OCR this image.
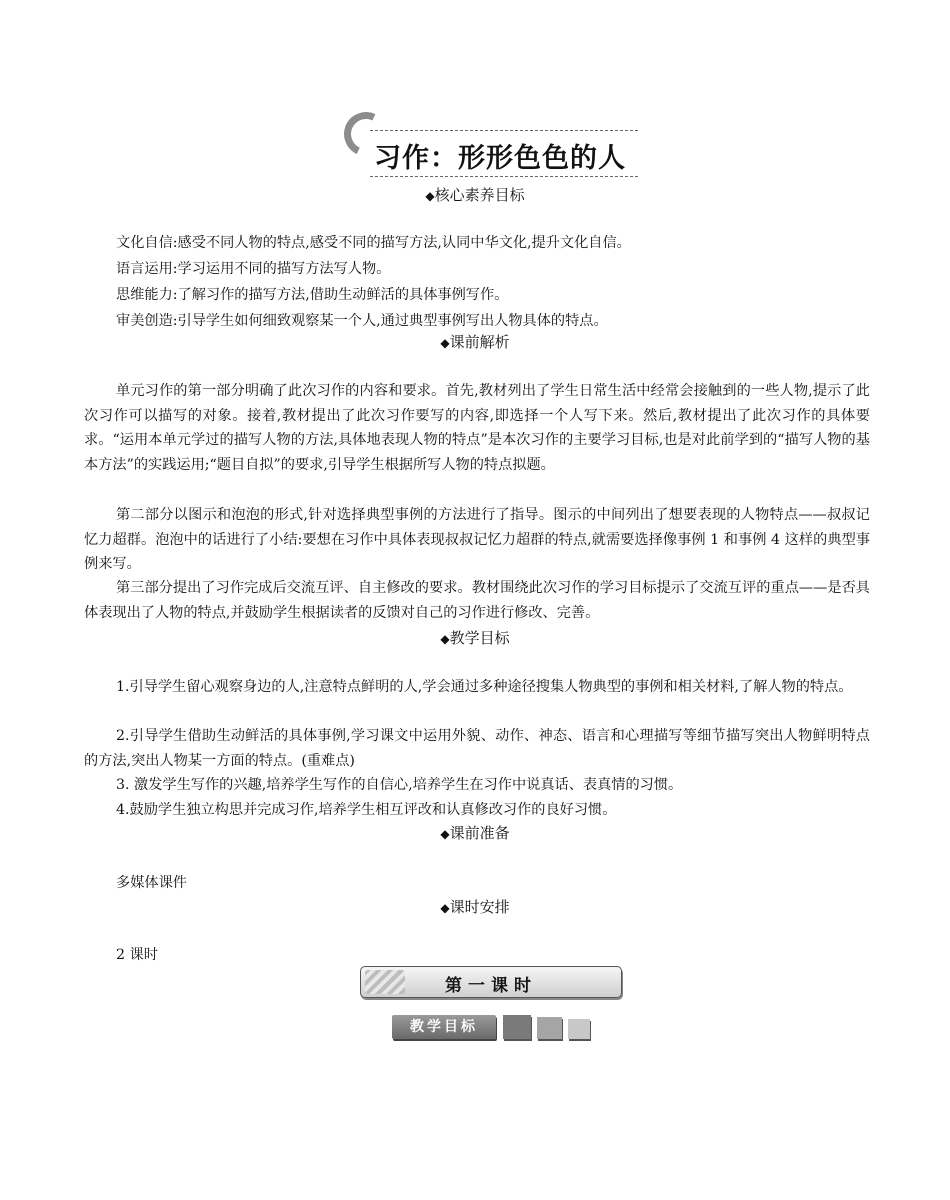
习作：形形色色的人
◆核心素养目标

文化自信:感受不同人物的特点,感受不同的描写方法,认同中华文化,提升文化自信。

语言运用:学习运用不同的描写方法写人物。

思维能力:了解习作的描写方法,借助生动鲜活的具体事例写作。

审美创造:引导学生如何细致观察某一个人,通过典型事例写出人物具体的特点。

◆课前解析

单元习作的第一部分明确了此次习作的内容和要求。首先,教材列出了学生日常生活中经常会接触到的一些人物,提示了此次习作可以描写的对象。接着,教材提出了此次习作要写的内容,即选择一个人写下来。然后,教材提出了此次习作的具体要求。“运用本单元学过的描写人物的方法,具体地表现人物的特点”是本次习作的主要学习目标,也是对此前学到的“描写人物的基本方法”的实践运用;“题目自拟”的要求,引导学生根据所写人物的特点拟题。

第二部分以图示和泡泡的形式,针对选择典型事例的方法进行了指导。图示的中间列出了想要表现的人物特点——叔叔记忆力超群。泡泡中的话进行了小结:要想在习作中具体表现叔叔记忆力超群的特点,就需要选择像事例 1 和事例 4 这样的典型事例来写。

第三部分提出了习作完成后交流互评、自主修改的要求。教材围绕此次习作的学习目标提示了交流互评的重点——是否具体表现出了人物的特点,并鼓励学生根据读者的反馈对自己的习作进行修改、完善。

◆教学目标

1.引导学生留心观察身边的人,注意特点鲜明的人,学会通过多种途径搜集人物典型的事例和相关材料,了解人物的特点。

2.引导学生借助生动鲜活的具体事例,学习课文中运用外貌、动作、神态、语言和心理描写等细节描写突出人物鲜明特点的方法,突出人物某一方面的特点。(重难点)

3. 激发学生写作的兴趣,培养学生写作的自信心,培养学生在习作中说真话、表真情的习惯。

4.鼓励学生独立构思并完成习作,培养学生相互评改和认真修改习作的良好习惯。

◆课前准备

多媒体课件

◆课时安排

2 课时

第一课时
教学目标
